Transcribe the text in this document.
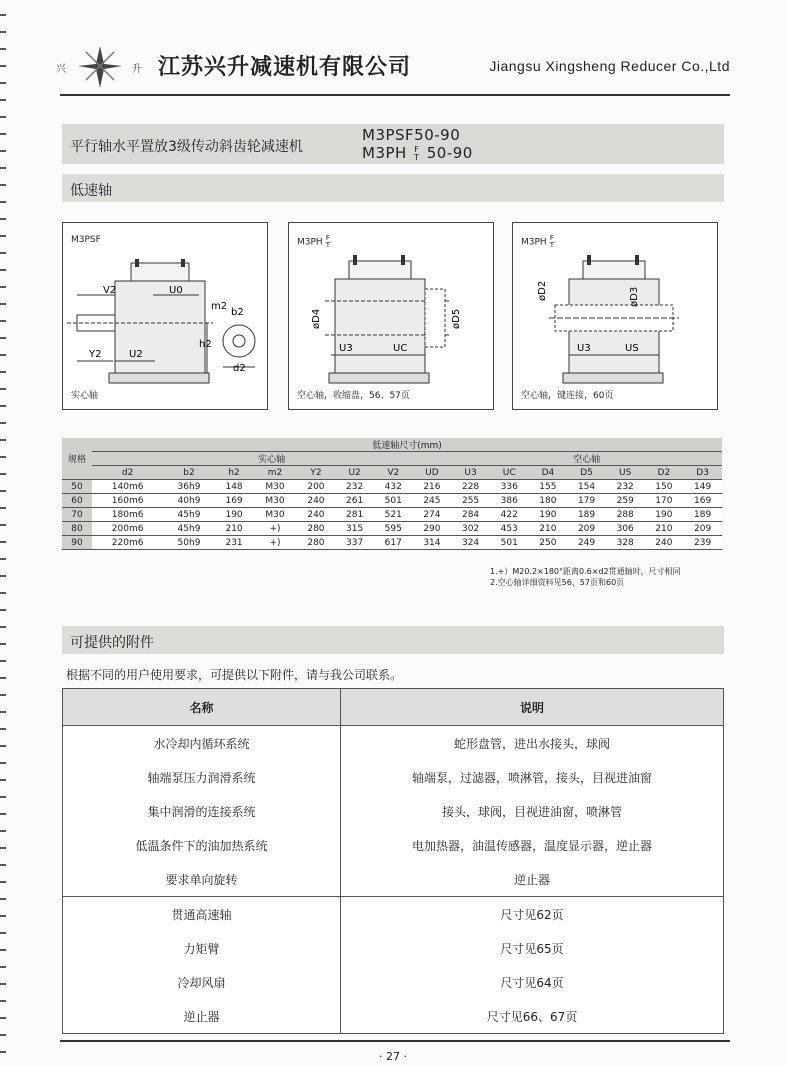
兴	升 江苏兴升减速机有限公司	Jiangsu Xingsheng Reducer Co.,Ltd
平行轴水平置放3级传动斜齿轮减速机
M3PSF50-90
M3PH F
T 50-90
低速轴
M3PSF
V2	U0
m2
b2
Y2	U2
h2
d2
实心轴
M3PH F
T
øD4	øD5
U3	UC
空心轴，收缩盘，56、57页
M3PH F
T
øD2	øD3
U3	US
空心轴，键连接，60页
规格	低速轴尺寸(mm)														
	实心轴								空心轴						
	d2	b2	h2	m2	Y2	U2	V2	UD	U3	UC	D4	D5	US	D2	D3
50	140m6	36h9	148	M30	200	232	432	216	228	336	155	154	232	150	149
60	160m6	40h9	169	M30	240	261	501	245	255	386	180	179	259	170	169
70	180m6	45h9	190	M30	240	281	521	274	284	422	190	189	288	190	189
80	200m6	45h9	210	+)	280	315	595	290	302	453	210	209	306	210	209
90	220m6	50h9	231	+)	280	337	617	314	324	501	250	249	328	240	239
1.+）M20.2×180°距离0.6×d2贯通轴时，尺寸相同
2.空心轴详细资料见56、57页和60页
可提供的附件
根据不同的用户使用要求，可提供以下附件，请与我公司联系。
名称	说明
水冷却内循环系统	蛇形盘管，进出水接头，球阀
轴端泵压力润滑系统	轴端泵，过滤器，喷淋管，接头，目视进油窗
集中润滑的连接系统	接头，球阀，目视进油窗，喷淋管
低温条件下的油加热系统	电加热器，油温传感器，温度显示器，逆止器
要求单向旋转	逆止器
贯通高速轴	尺寸见62页
力矩臂	尺寸见65页
冷却风扇	尺寸见64页
逆止器	尺寸见66、67页
· 27 ·
